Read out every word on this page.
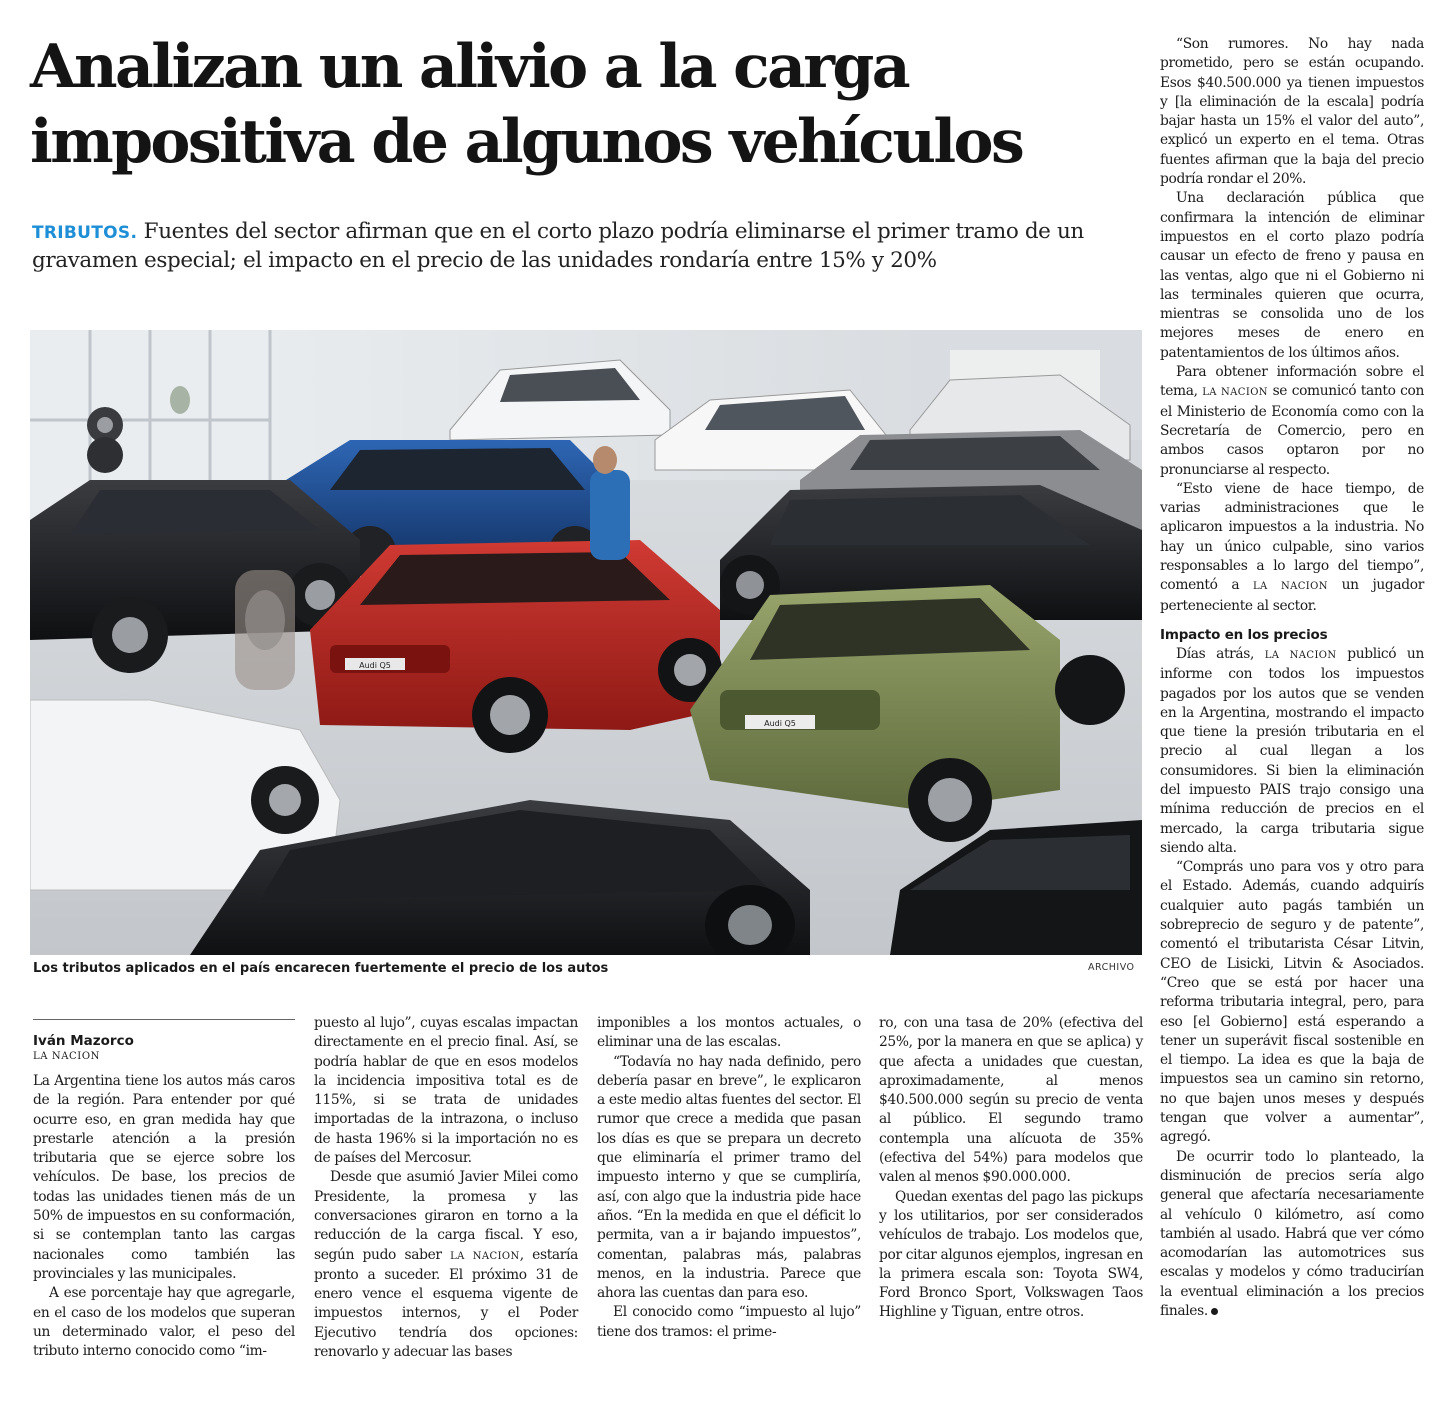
Analizan un alivio a la carga impositiva de algunos vehículos

TRIBUTOS. Fuentes del sector afirman que en el corto plazo podría eliminarse el primer tramo de un gravamen especial; el impacto en el precio de las unidades rondaría entre 15% y 20%

Audi Q5
Audi Q5

Los tributos aplicados en el país encarecen fuertemente el precio de los autos	ARCHIVO

Iván Mazorco

LA NACION

La Argentina tiene los autos más caros de la región. Para entender por qué ocurre eso, en gran medida hay que prestarle atención a la presión tributaria que se ejerce sobre los vehículos. De base, los precios de todas las unidades tienen más de un 50% de impuestos en su conformación, si se contemplan tanto las cargas nacionales como también las provinciales y las municipales.

A ese porcentaje hay que agregarle, en el caso de los modelos que superan un determinado valor, el peso del tributo interno conocido como “im-

puesto al lujo”, cuyas escalas impactan directamente en el precio final. Así, se podría hablar de que en esos modelos la incidencia impositiva total es de 115%, si se trata de unidades importadas de la intrazona, o incluso de hasta 196% si la importación no es de países del Mercosur.

Desde que asumió Javier Milei como Presidente, la promesa y las conversaciones giraron en torno a la reducción de la carga fiscal. Y eso, según pudo saber LA NACION, estaría pronto a suceder. El próximo 31 de enero vence el esquema vigente de impuestos internos, y el Poder Ejecutivo tendría dos opciones: renovarlo y adecuar las bases

imponibles a los montos actuales, o eliminar una de las escalas.

“Todavía no hay nada definido, pero debería pasar en breve”, le explicaron a este medio altas fuentes del sector. El rumor que crece a medida que pasan los días es que se prepara un decreto que eliminaría el primer tramo del impuesto interno y que se cumpliría, así, con algo que la industria pide hace años. “En la medida en que el déficit lo permita, van a ir bajando impuestos”, comentan, palabras más, palabras menos, en la industria. Parece que ahora las cuentas dan para eso.

El conocido como “impuesto al lujo” tiene dos tramos: el prime-

ro, con una tasa de 20% (efectiva del 25%, por la manera en que se aplica) y que afecta a unidades que cuestan, aproximadamente, al menos $40.500.000 según su precio de venta al público. El segundo tramo contempla una alícuota de 35% (efectiva del 54%) para modelos que valen al menos $90.000.000.

Quedan exentas del pago las pickups y los utilitarios, por ser considerados vehículos de trabajo. Los modelos que, por citar algunos ejemplos, ingresan en la primera escala son: Toyota SW4, Ford Bronco Sport, Volkswagen Taos Highline y Tiguan, entre otros.

“Son rumores. No hay nada prometido, pero se están ocupando. Esos $40.500.000 ya tienen impuestos y [la eliminación de la escala] podría bajar hasta un 15% el valor del auto”, explicó un experto en el tema. Otras fuentes afirman que la baja del precio podría rondar el 20%.

Una declaración pública que confirmara la intención de eliminar impuestos en el corto plazo podría causar un efecto de freno y pausa en las ventas, algo que ni el Gobierno ni las terminales quieren que ocurra, mientras se consolida uno de los mejores meses de enero en patentamientos de los últimos años.

Para obtener información sobre el tema, LA NACION se comunicó tanto con el Ministerio de Economía como con la Secretaría de Comercio, pero en ambos casos optaron por no pronunciarse al respecto.

“Esto viene de hace tiempo, de varias administraciones que le aplicaron impuestos a la industria. No hay un único culpable, sino varios responsables a lo largo del tiempo”, comentó a LA NACION un jugador perteneciente al sector.

Impacto en los precios

Días atrás, LA NACION publicó un informe con todos los impuestos pagados por los autos que se venden en la Argentina, mostrando el impacto que tiene la presión tributaria en el precio al cual llegan a los consumidores. Si bien la eliminación del impuesto PAIS trajo consigo una mínima reducción de precios en el mercado, la carga tributaria sigue siendo alta.

“Comprás uno para vos y otro para el Estado. Además, cuando adquirís cualquier auto pagás también un sobreprecio de seguro y de patente”, comentó el tributarista César Litvin, CEO de Lisicki, Litvin & Asociados. “Creo que se está por hacer una reforma tributaria integral, pero, para eso [el Gobierno] está esperando a tener un superávit fiscal sostenible en el tiempo. La idea es que la baja de impuestos sea un camino sin retorno, no que bajen unos meses y después tengan que volver a aumentar”, agregó.

De ocurrir todo lo planteado, la disminución de precios sería algo general que afectaría necesariamente al vehículo 0 kilómetro, así como también al usado. Habrá que ver cómo acomodarían las automotrices sus escalas y modelos y cómo traducirían la eventual eliminación a los precios finales.
